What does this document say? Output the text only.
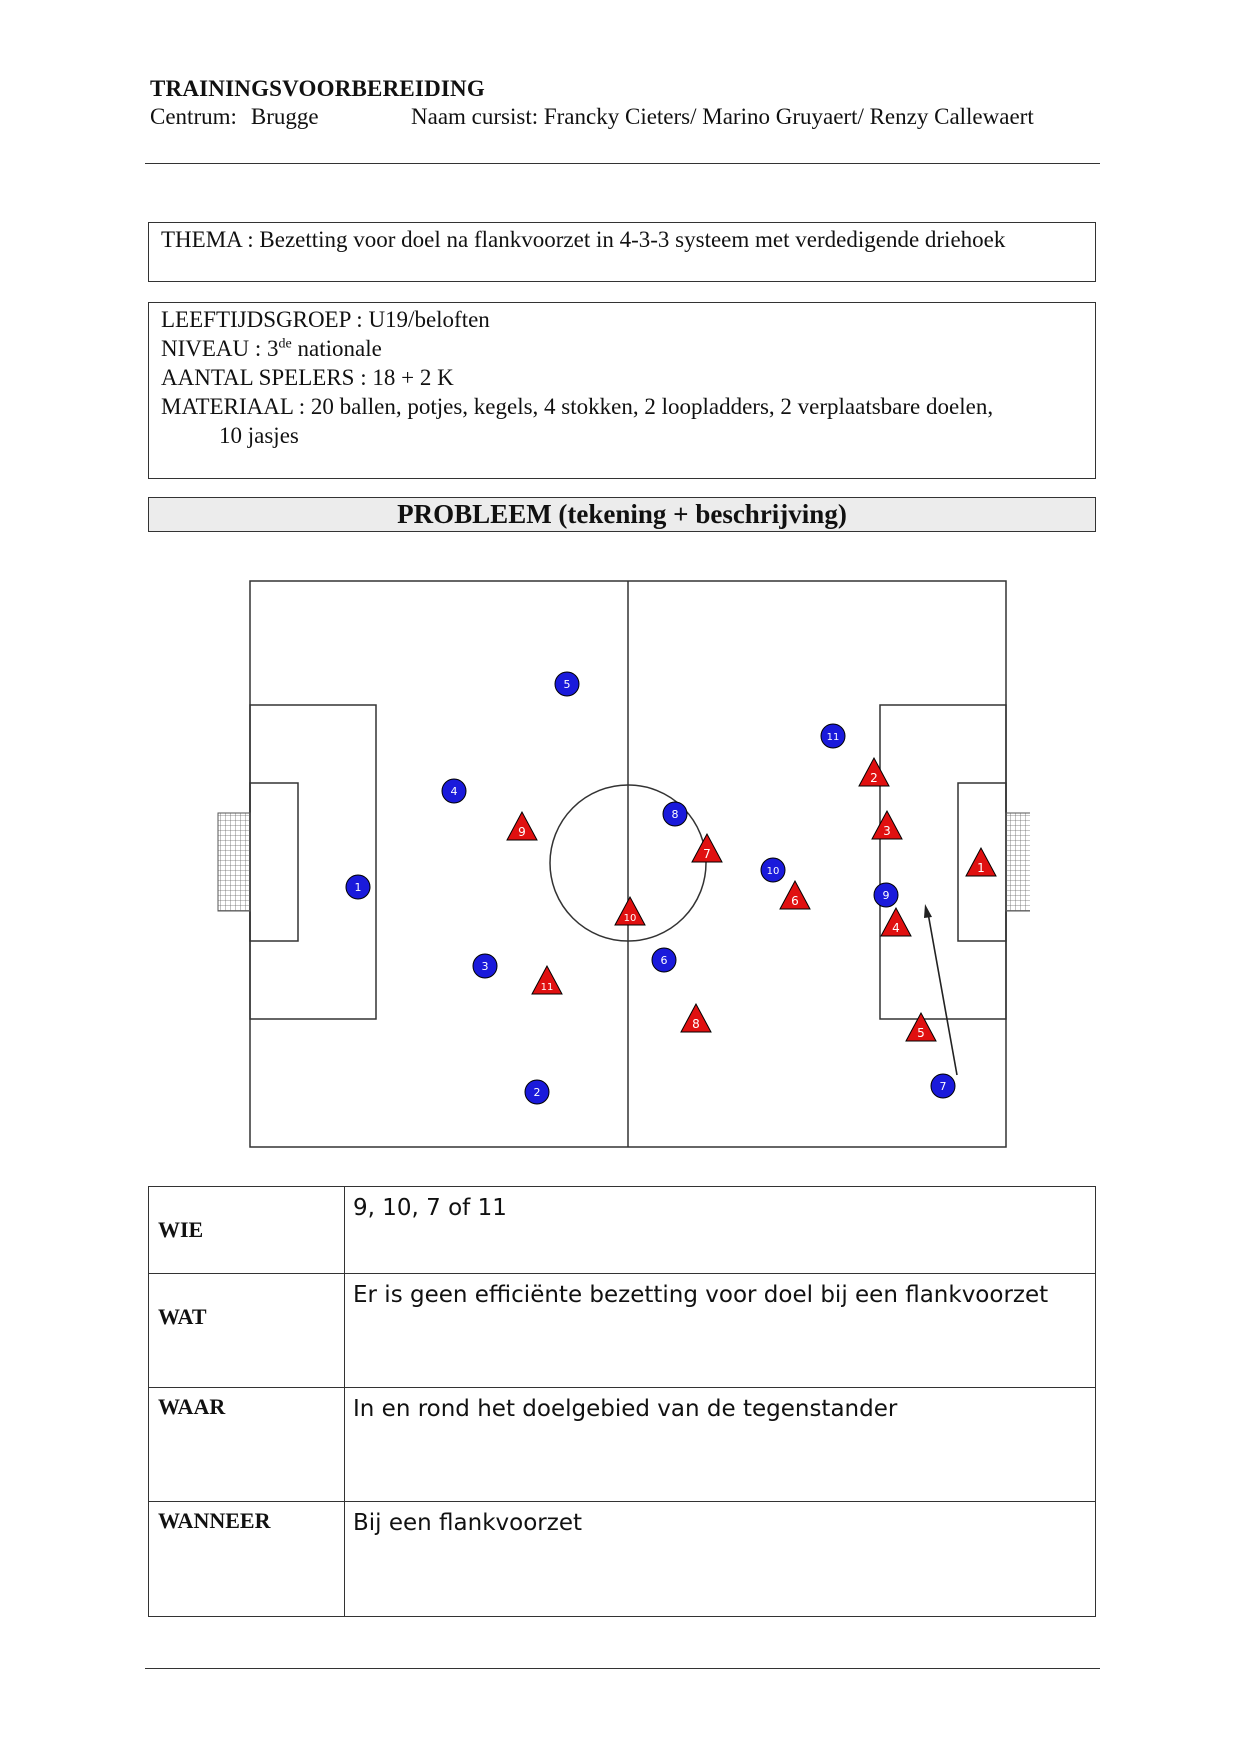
TRAININGSVOORBEREIDING
Centrum: Brugge	Naam cursist: Francky Cieters/ Marino Gruyaert/ Renzy Callewaert
THEMA : Bezetting voor doel na flankvoorzet in 4-3-3 systeem met verdedigende driehoek
LEEFTIJDSGROEP : U19/beloften
NIVEAU : 3de nationale
AANTAL SPELERS : 18 + 2 K
MATERIAAL : 20 ballen, potjes, kegels, 4 stokken, 2 loopladders, 2 verplaatsbare doelen,
10 jasjes
PROBLEEM (tekening + beschrijving)
1
2
3
4
5
6
7
8
9
10
11
1
2
3
4
5
6
7
8
9
10
11
WIE	9, 10, 7 of 11
WAT	Er is geen efficiënte bezetting voor doel bij een flankvoorzet
WAAR	In en rond het doelgebied van de tegenstander
WANNEER	Bij een flankvoorzet
